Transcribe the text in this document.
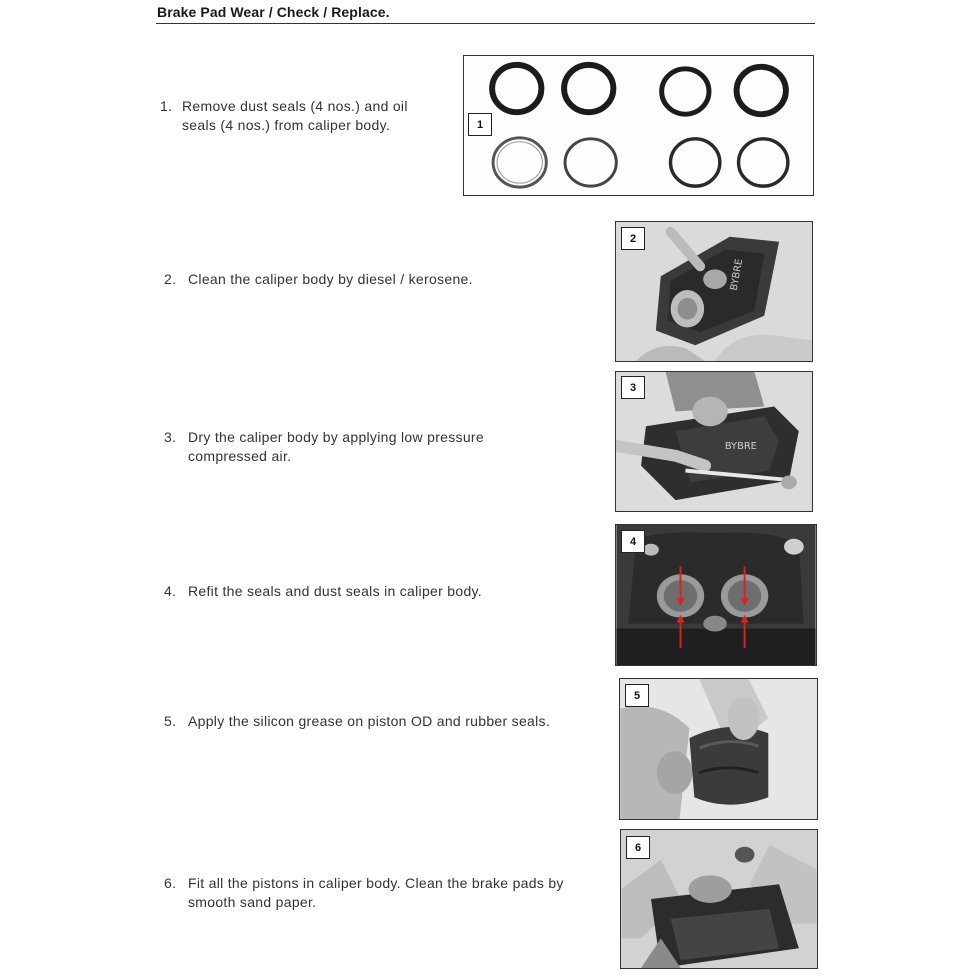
Brake Pad Wear / Check / Replace.
1. Remove dust seals (4 nos.) and oil
seals (4 nos.) from caliper body.	1
2. Clean the caliper body by diesel / kerosene.	BYBRE
2
3. Dry the caliper body by applying low pressure
compressed air.
BYBRE
3
4. Refit the seals and dust seals in caliper body.
4
5. Apply the silicon grease on piston OD and rubber seals.
5
6. Fit all the pistons in caliper body. Clean the brake pads by
smooth sand paper.
6
